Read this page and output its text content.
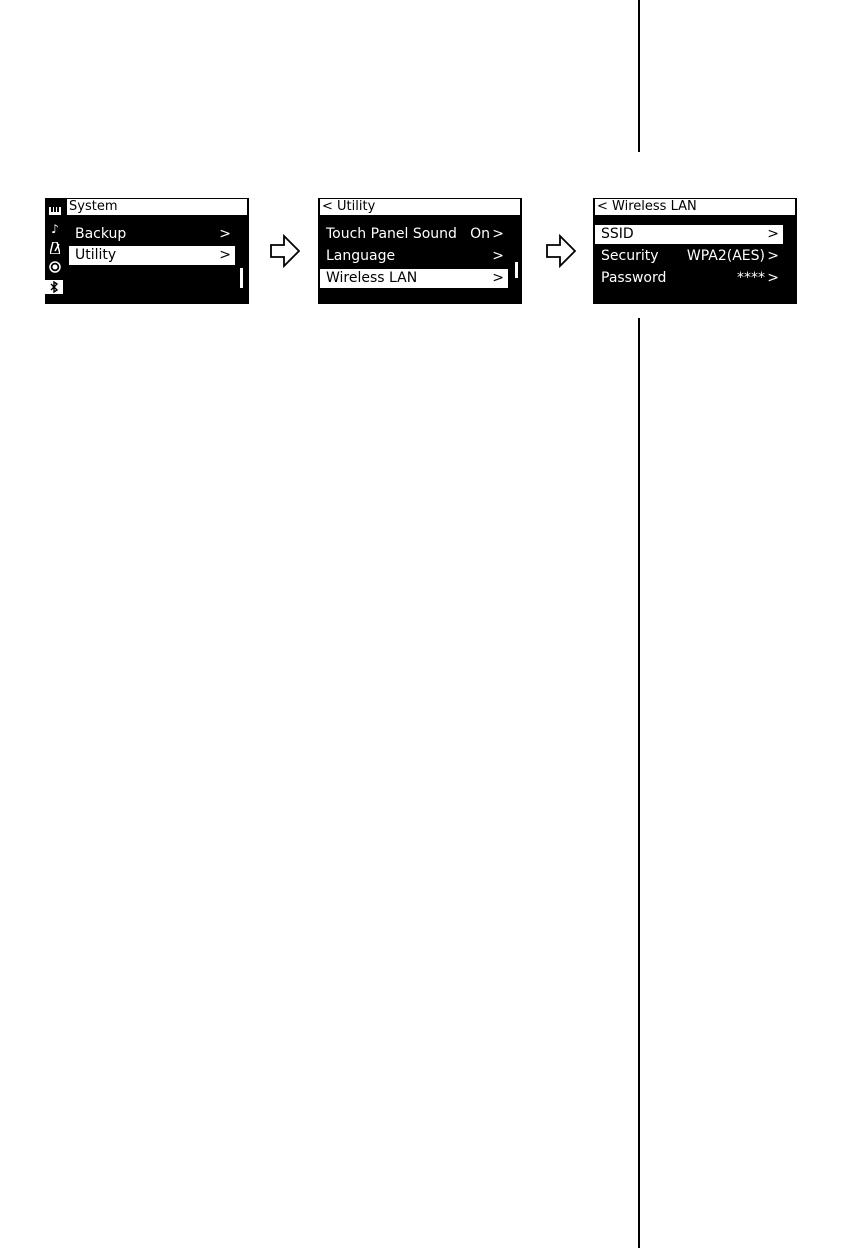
♪
System
Backup	>
Utility	>
< Utility
Touch Panel Sound On >
Language	>
Wireless LAN	>
< Wireless LAN
SSID	>
Security WPA2(AES) >
Password	**** >
